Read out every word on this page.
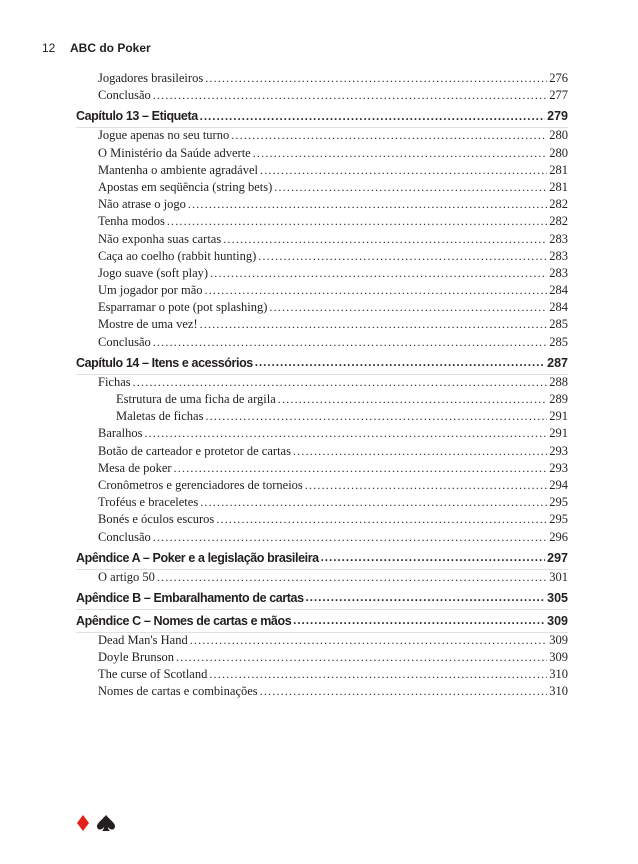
12 ABC do Poker
Jogadores brasileiros .....	276
Conclusão .....	277
Capítulo 13 – Etiqueta .....	279
Jogue apenas no seu turno .....	280
O Ministério da Saúde adverte .....	280
Mantenha o ambiente agradável .....	281
Apostas em seqüência (string bets) .....	281
Não atrase o jogo .....	282
Tenha modos .....	282
Não exponha suas cartas .....	283
Caça ao coelho (rabbit hunting) .....	283
Jogo suave (soft play) .....	283
Um jogador por mão .....	284
Esparramar o pote (pot splashing) .....	284
Mostre de uma vez! .....	285
Conclusão .....	285
Capítulo 14 – Itens e acessórios .....	287
Fichas .....	288
Estrutura de uma ficha de argila .....	289
Maletas de fichas .....	291
Baralhos .....	291
Botão de carteador e protetor de cartas .....	293
Mesa de poker .....	293
Cronômetros e gerenciadores de torneios .....	294
Troféus e braceletes .....	295
Bonés e óculos escuros .....	295
Conclusão .....	296
Apêndice A – Poker e a legislação brasileira .....	297
O artigo 50 .....	301
Apêndice B – Embaralhamento de cartas .....	305
Apêndice C – Nomes de cartas e mãos .....	309
Dead Man's Hand .....	309
Doyle Brunson .....	309
The curse of Scotland .....	310
Nomes de cartas e combinações .....	310
